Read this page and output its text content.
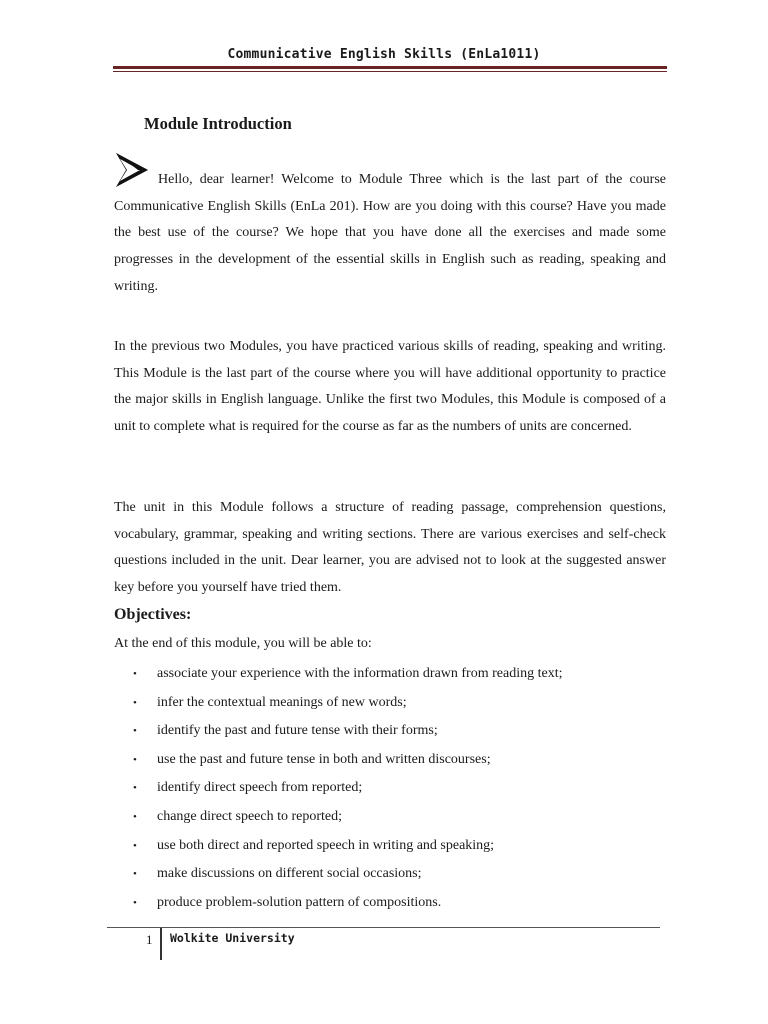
Communicative English Skills (EnLa1011)
Module Introduction

Hello, dear learner! Welcome to Module Three which is the last part of the course Communicative English Skills (EnLa 201). How are you doing with this course? Have you made the best use of the course? We hope that you have done all the exercises and made some progresses in the development of the essential skills in English such as reading, speaking and writing.

In the previous two Modules, you have practiced various skills of reading, speaking and writing. This Module is the last part of the course where you will have additional opportunity to practice the major skills in English language. Unlike the first two Modules, this Module is composed of a unit to complete what is required for the course as far as the numbers of units are concerned.

The unit in this Module follows a structure of reading passage, comprehension questions, vocabulary, grammar, speaking and writing sections. There are various exercises and self-check questions included in the unit. Dear learner, you are advised not to look at the suggested answer key before you yourself have tried them.

Objectives:
At the end of this module, you will be able to:
• associate your experience with the information drawn from reading text;
• infer the contextual meanings of new words;
• identify the past and future tense with their forms;
• use the past and future tense in both and written discourses;
• identify direct speech from reported;
• change direct speech to reported;
• use both direct and reported speech in writing and speaking;
• make discussions on different social occasions;
• produce problem-solution pattern of compositions.
1 Wolkite University
